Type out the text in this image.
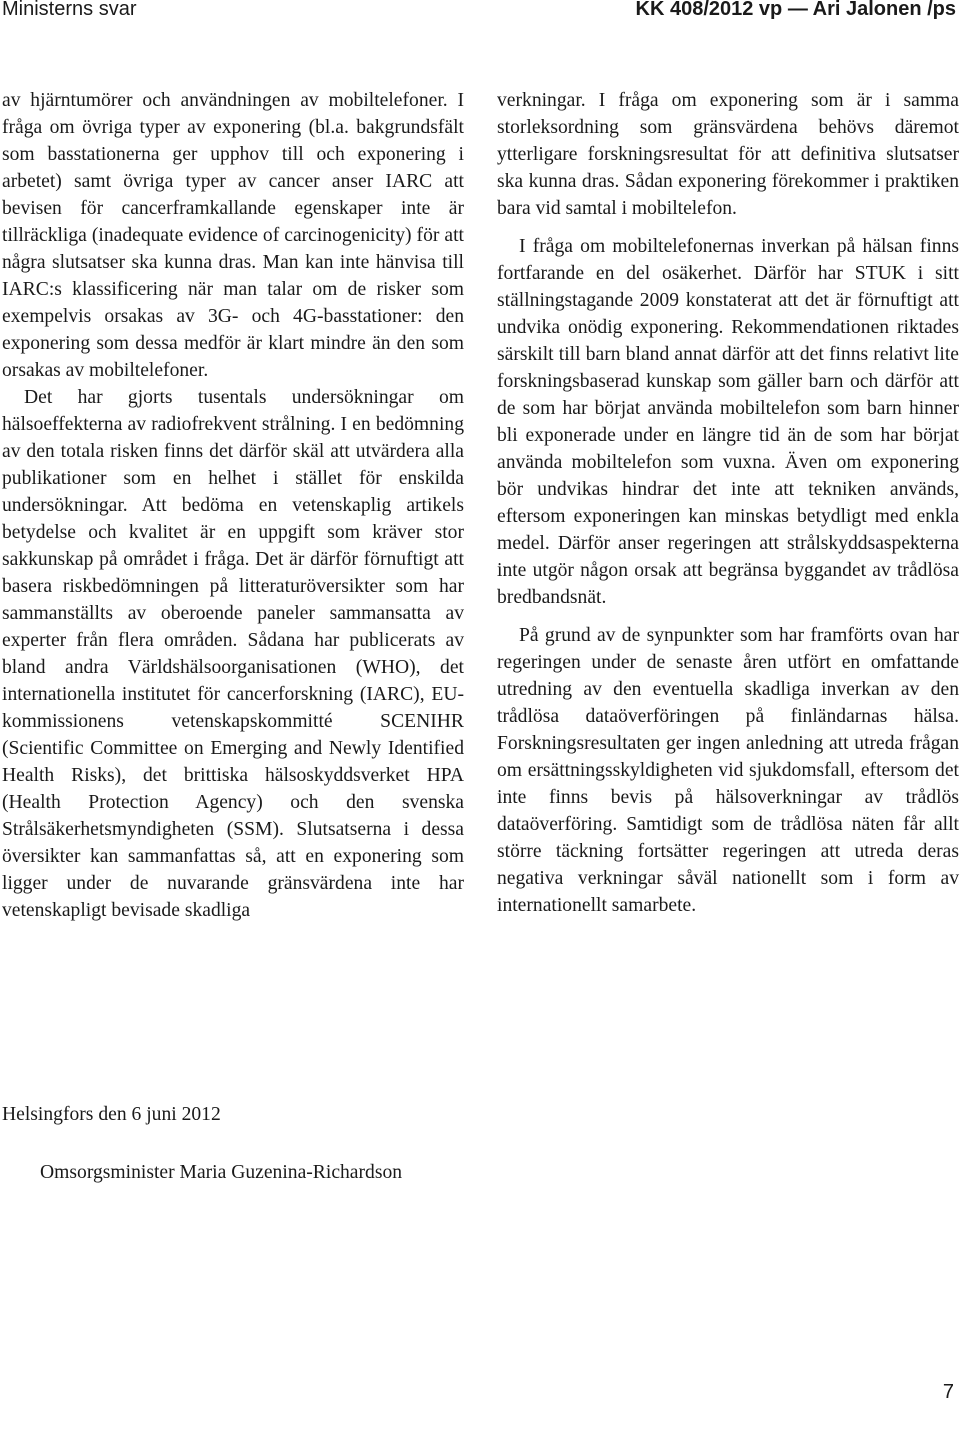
Ministerns svar	KK 408/2012 vp — Ari Jalonen /ps

av hjärntumörer och användningen av mobiltelefoner. I fråga om övriga typer av exponering (bl.a. bakgrundsfält som basstationerna ger upphov till och exponering i arbetet) samt övriga typer av cancer anser IARC att bevisen för cancerframkallande egenskaper inte är tillräckliga (inadequate evidence of carcinogenicity) för att några slutsatser ska kunna dras. Man kan inte hänvisa till IARC:s klassificering när man talar om de risker som exempelvis orsakas av 3G- och 4G-basstationer: den exponering som dessa medför är klart mindre än den som orsakas av mobiltelefoner.

Det har gjorts tusentals undersökningar om hälsoeffekterna av radiofrekvent strålning. I en bedömning av den totala risken finns det därför skäl att utvärdera alla publikationer som en helhet i stället för enskilda undersökningar. Att bedöma en vetenskaplig artikels betydelse och kvalitet är en uppgift som kräver stor sakkunskap på området i fråga. Det är därför förnuftigt att basera riskbedömningen på litteraturöversikter som har sammanställts av oberoende paneler sammansatta av experter från flera områden. Sådana har publicerats av bland andra Världshälsoorganisationen (WHO), det internationella institutet för cancerforskning (IARC), EU-kommissionens vetenskapskommitté SCENIHR (Scientific Committee on Emerging and Newly Identified Health Risks), det brittiska hälsoskyddsverket HPA (Health Protection Agency) och den svenska Strålsäkerhetsmyndigheten (SSM). Slutsatserna i dessa översikter kan sammanfattas så, att en exponering som ligger under de nuvarande gränsvärdena inte har vetenskapligt bevisade skadliga

verkningar. I fråga om exponering som är i samma storleksordning som gränsvärdena behövs däremot ytterligare forskningsresultat för att definitiva slutsatser ska kunna dras. Sådan exponering förekommer i praktiken bara vid samtal i mobiltelefon.

I fråga om mobiltelefonernas inverkan på hälsan finns fortfarande en del osäkerhet. Därför har STUK i sitt ställningstagande 2009 konstaterat att det är förnuftigt att undvika onödig exponering. Rekommendationen riktades särskilt till barn bland annat därför att det finns relativt lite forskningsbaserad kunskap som gäller barn och därför att de som har börjat använda mobiltelefon som barn hinner bli exponerade under en längre tid än de som har börjat använda mobiltelefon som vuxna. Även om exponering bör undvikas hindrar det inte att tekniken används, eftersom exponeringen kan minskas betydligt med enkla medel. Därför anser regeringen att strålskyddsaspekterna inte utgör någon orsak att begränsa byggandet av trådlösa bredbandsnät.

På grund av de synpunkter som har framförts ovan har regeringen under de senaste åren utfört en omfattande utredning av den eventuella skadliga inverkan av den trådlösa dataöverföringen på finländarnas hälsa. Forskningsresultaten ger ingen anledning att utreda frågan om ersättningsskyldigheten vid sjukdomsfall, eftersom det inte finns bevis på hälsoverkningar av trådlös dataöverföring. Samtidigt som de trådlösa näten får allt större täckning fortsätter regeringen att utreda deras negativa verkningar såväl nationellt som i form av internationellt samarbete.

Helsingfors den 6 juni 2012
Omsorgsminister Maria Guzenina-Richardson
7
